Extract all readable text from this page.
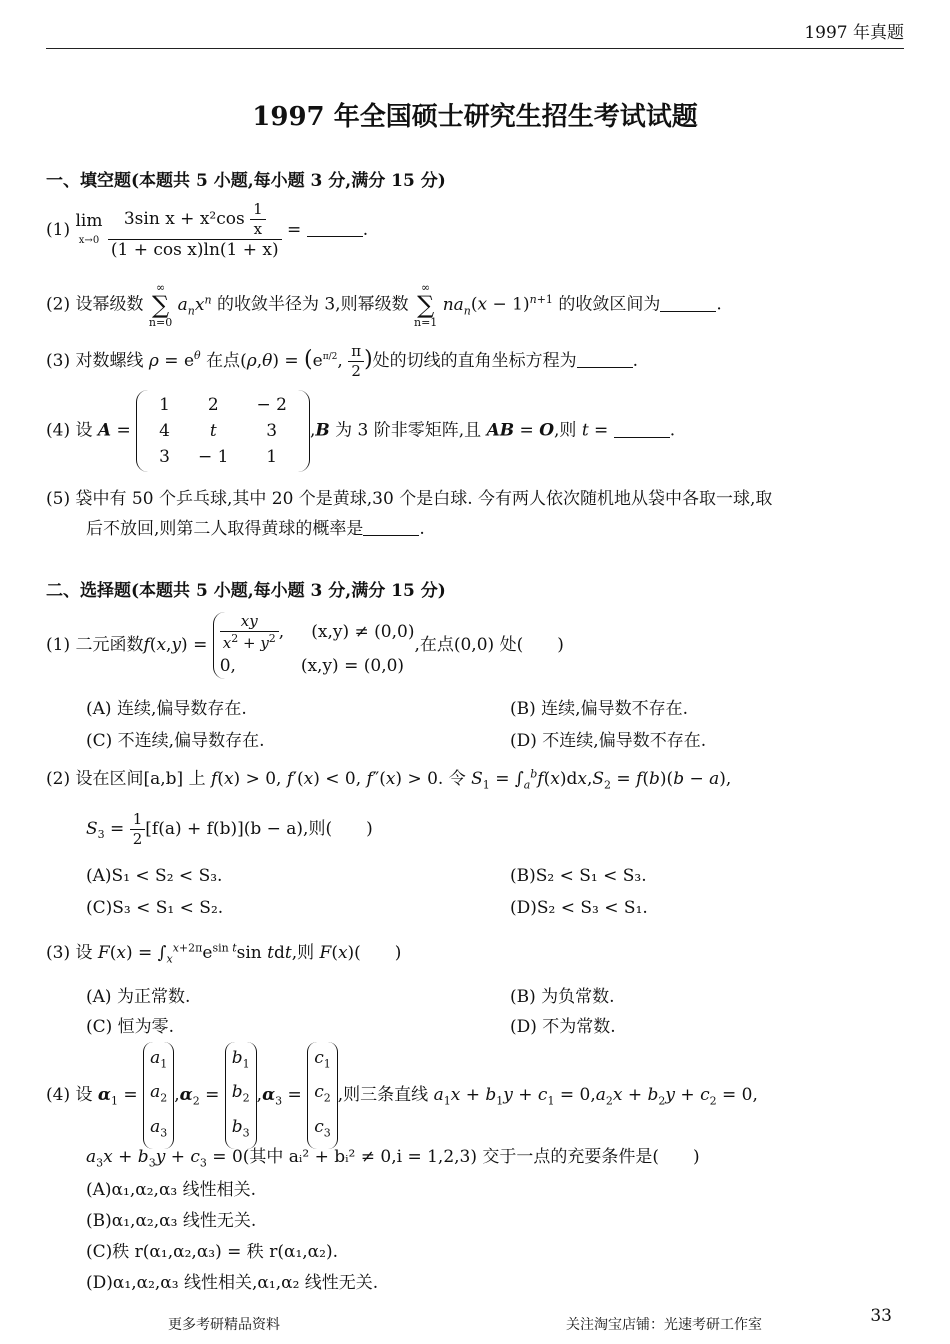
1997 年真题
1997 年全国硕士研究生招生考试试题
一、填空题(本题共 5 小题,每小题 3 分,满分 15 分)
(1) lim
$x\to 0 \frac{3\sin x + x^2\cos \frac{1}{x}}{\text{(1 + cos x)ln(1 + x)}}$ =	.
(2) 设幂级数 ∞
∑
n=0 $a_nx^n$ 的收敛半径为 3,则幂级数 ∞
∑
n=1 $na_n(x - 1)^{n+1}$ 的收敛区间为	.
(3) 对数螺线 $\rho = e^\theta$ 在点$(\rho,\theta) = (e^{\pi/2}$, $\frac{\pi}{2}$ )处的切线的直角坐标方程为	.
(4) 设 A =
1	2	− 2
4	t	3
3	− 1	1
,B 为 3 阶非零矩阵,且 AB = O,则 t =	.
(5) 袋中有 50 个乒乓球,其中 20 个是黄球,30 个是白球. 今有两人依次随机地从袋中各取一球,取
后不放回,则第二人取得黄球的概率是	.
二、选择题(本题共 5 小题,每小题 3 分,满分 15 分)
(1) 二元函数$f(x,y) = \frac{xy}{x^2 + y^2}$ ,     (x,y) ≠ (0,0)
0,	(x,y) = (0,0)
,在点(0,0) 处(　　)
(A) 连续,偏导数存在.	(B) 连续,偏导数不存在.
(C) 不连续,偏导数存在.	(D) 不连续,偏导数不存在.
(2) 设在区间[a,b] 上 f(x) > 0, f′(x) < 0, f″(x) > 0. 令 $S_1 = \int_a^bf(x)dx,S_2 = f(b)(b - a)$,
$S_3 = \frac{1}{2} [f(a) + f(b)](b - a)$,则(　　)
(A)S₁ < S₂ < S₃.	(B)S₂ < S₁ < S₃.
(C)S₃ < S₁ < S₂.	(D)S₂ < S₃ < S₁.
(3) 设 $F(x) = \int_x^{x+2\pi}e^{sin t}\sin$ tdt,则 F(x)(　　)
(A) 为正常数.	(B) 为负常数.
(C) 恒为零.	(D) 不为常数.
(4) 设 $\alpha_1 = a_1$
$a_2$
$a_3,\alpha_2 = b_1$
$b_2$
$b_3,\alpha_3 = c_1$
$c_2$
$c_3$,则三条直线 $a_1x + b_1y + c_1 = 0,a_2x + b_2y + c_2 = 0$,
$a_3x + b_3y + c_3 = 0$(其中 aᵢ² + bᵢ² ≠ 0,i = 1,2,3) 交于一点的充要条件是(　　)
(A)α₁,α₂,α₃ 线性相关.
(B)α₁,α₂,α₃ 线性无关.
(C)秩 r(α₁,α₂,α₃) = 秩 r(α₁,α₂).
(D)α₁,α₂,α₃ 线性相关,α₁,α₂ 线性无关.
更多考研精品资料	关注淘宝店铺：光速考研工作室	33
